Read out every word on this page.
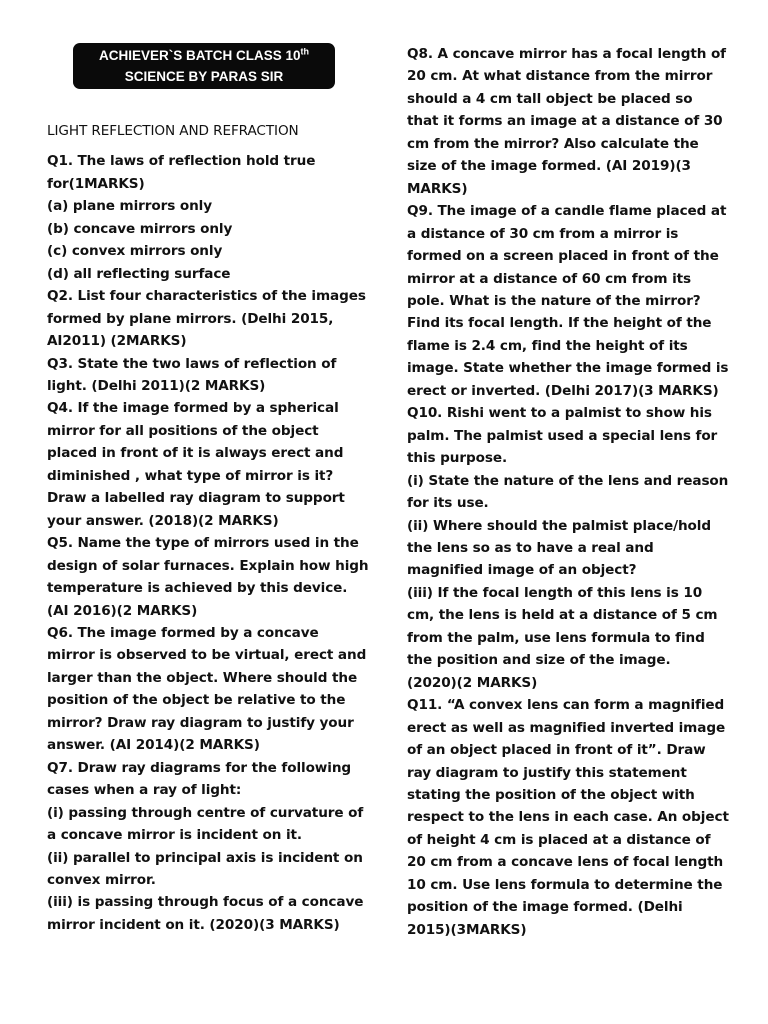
ACHIEVER`S BATCH CLASS 10th
SCIENCE BY PARAS SIR
LIGHT REFLECTION AND REFRACTION
Q1. The laws of reflection hold true
for(1MARKS)
(a) plane mirrors only
(b) concave mirrors only
(c) convex mirrors only
(d) all reflecting surface
Q2. List four characteristics of the images
formed by plane mirrors. (Delhi 2015,
AI2011) (2MARKS)
Q3. State the two laws of reflection of
light. (Delhi 2011)(2 MARKS)
Q4. If the image formed by a spherical
mirror for all positions of the object
placed in front of it is always erect and
diminished , what type of mirror is it?
Draw a labelled ray diagram to support
your answer. (2018)(2 MARKS)
Q5. Name the type of mirrors used in the
design of solar furnaces. Explain how high
temperature is achieved by this device.
(AI 2016)(2 MARKS)
Q6. The image formed by a concave
mirror is observed to be virtual, erect and
larger than the object. Where should the
position of the object be relative to the
mirror? Draw ray diagram to justify your
answer. (AI 2014)(2 MARKS)
Q7. Draw ray diagrams for the following
cases when a ray of light:
(i) passing through centre of curvature of
a concave mirror is incident on it.
(ii) parallel to principal axis is incident on
convex mirror.
(iii) is passing through focus of a concave
mirror incident on it. (2020)(3 MARKS)
Q8. A concave mirror has a focal length of
20 cm. At what distance from the mirror
should a 4 cm tall object be placed so
that it forms an image at a distance of 30
cm from the mirror? Also calculate the
size of the image formed. (AI 2019)(3
MARKS)
Q9. The image of a candle flame placed at
a distance of 30 cm from a mirror is
formed on a screen placed in front of the
mirror at a distance of 60 cm from its
pole. What is the nature of the mirror?
Find its focal length. If the height of the
flame is 2.4 cm, find the height of its
image. State whether the image formed is
erect or inverted. (Delhi 2017)(3 MARKS)
Q10. Rishi went to a palmist to show his
palm. The palmist used a special lens for
this purpose.
(i) State the nature of the lens and reason
for its use.
(ii) Where should the palmist place/hold
the lens so as to have a real and
magnified image of an object?
(iii) If the focal length of this lens is 10
cm, the lens is held at a distance of 5 cm
from the palm, use lens formula to find
the position and size of the image.
(2020)(2 MARKS)
Q11. “A convex lens can form a magnified
erect as well as magnified inverted image
of an object placed in front of it”. Draw
ray diagram to justify this statement
stating the position of the object with
respect to the lens in each case. An object
of height 4 cm is placed at a distance of
20 cm from a concave lens of focal length
10 cm. Use lens formula to determine the
position of the image formed. (Delhi
2015)(3MARKS)
